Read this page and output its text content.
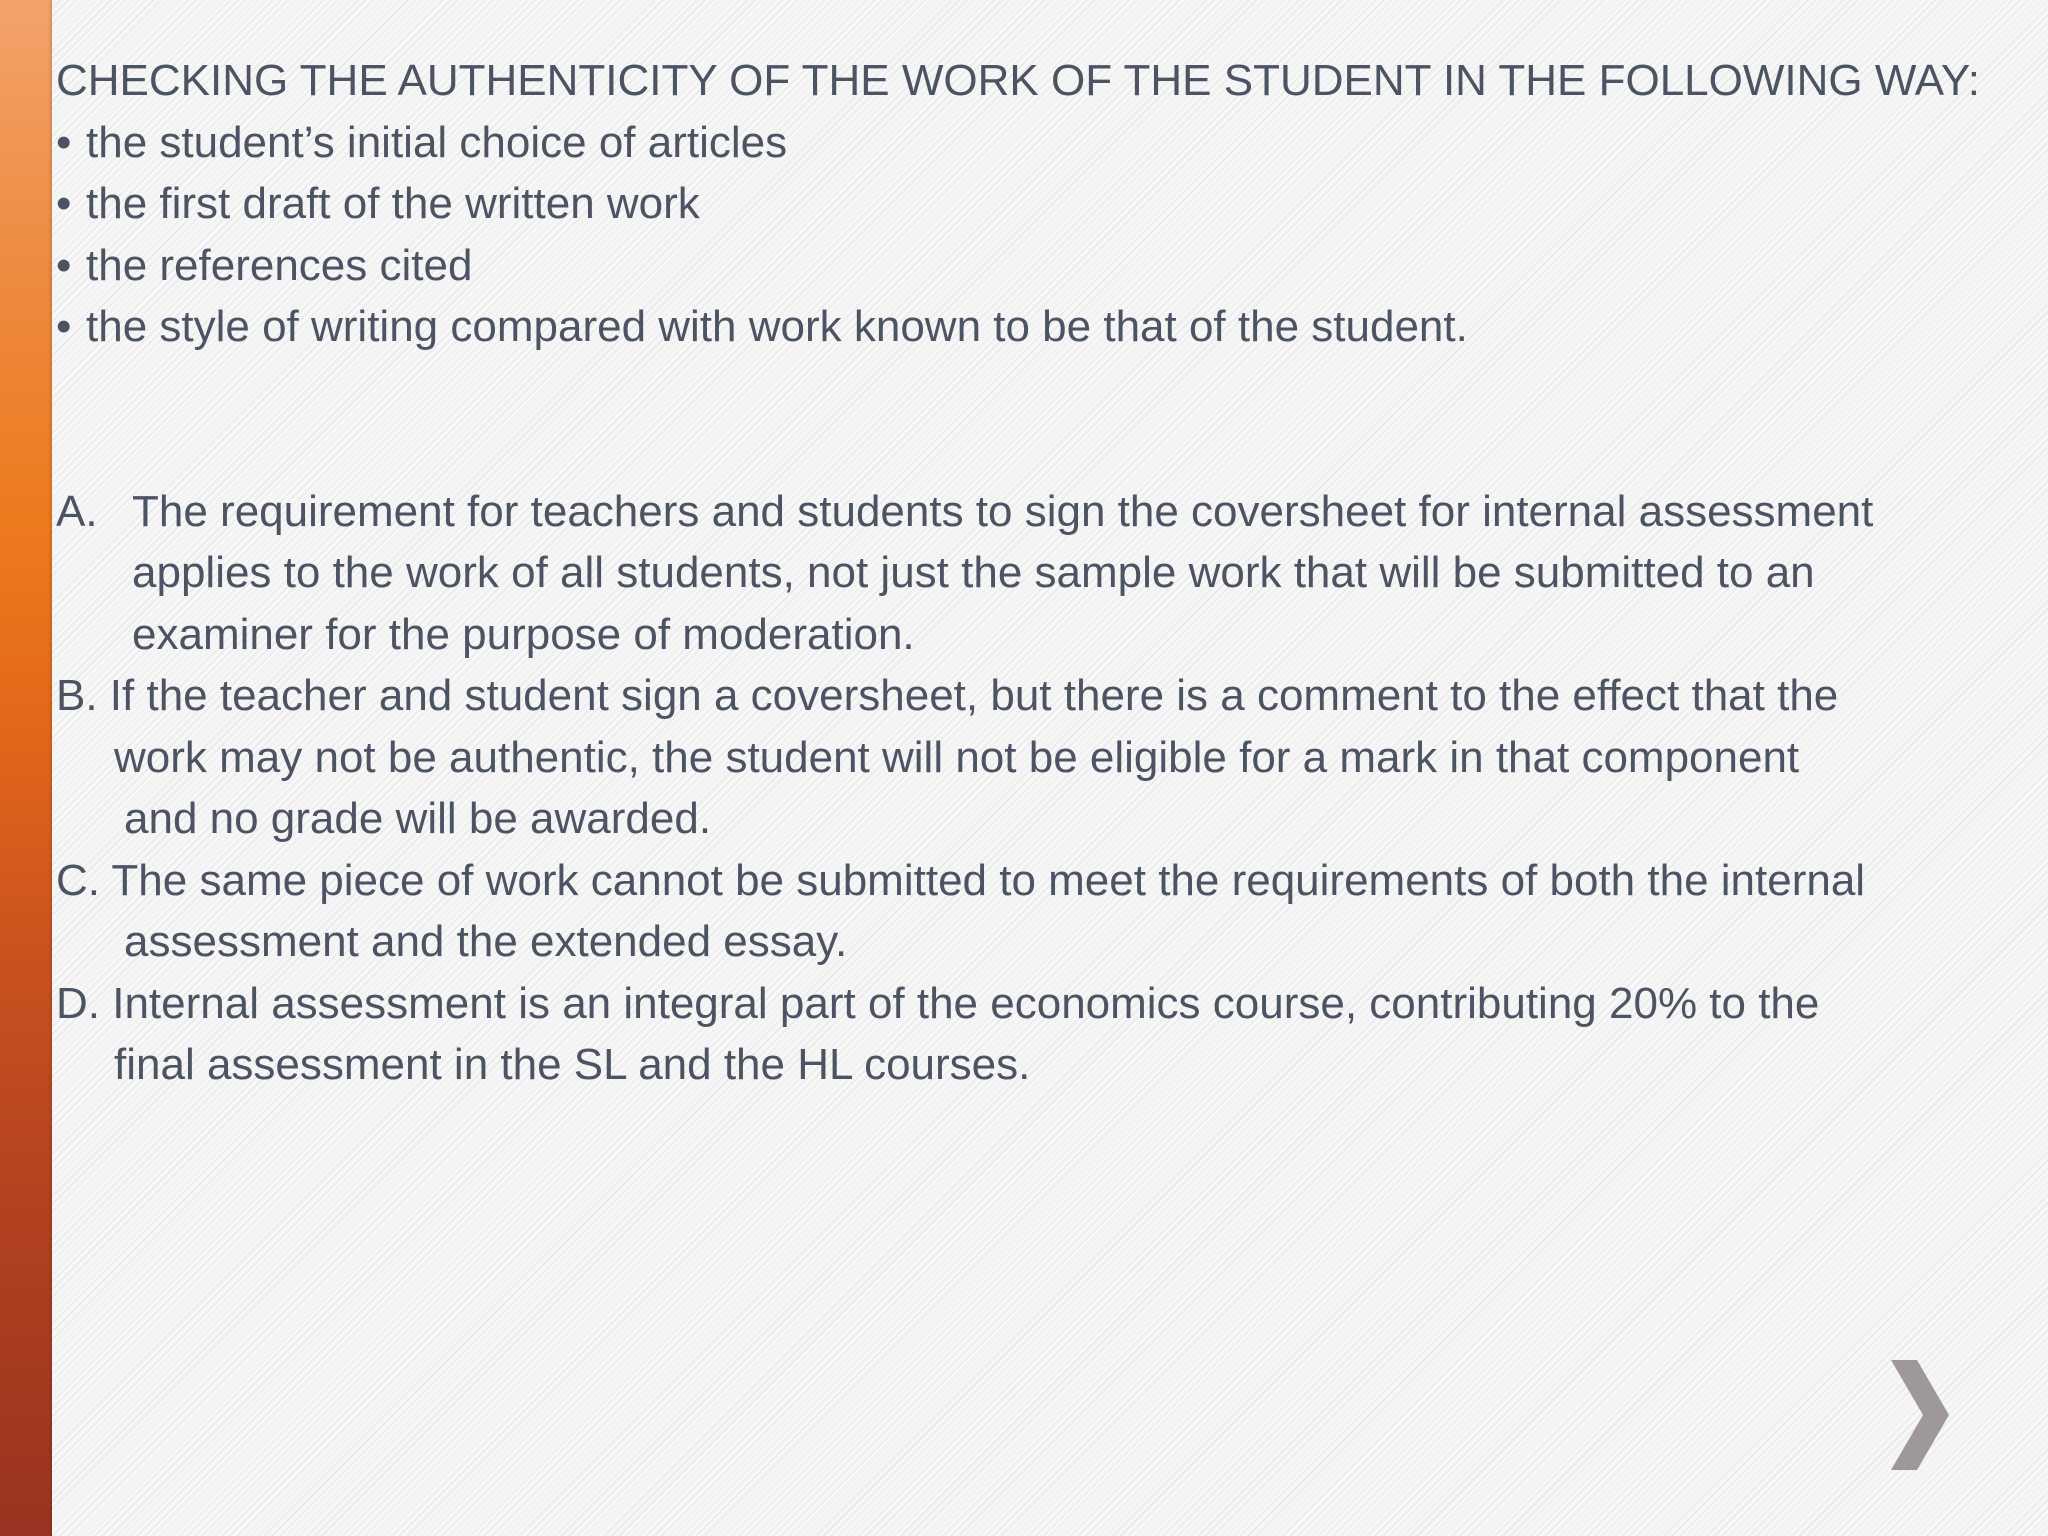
CHECKING THE AUTHENTICITY OF THE WORK OF THE STUDENT IN THE FOLLOWING WAY:

• the student’s initial choice of articles

• the first draft of the written work

• the references cited

• the style of writing compared with work known to be that of the student.

A. The requirement for teachers and students to sign the coversheet for internal assessment

applies to the work of all students, not just the sample work that will be submitted to an

examiner for the purpose of moderation.

B. If the teacher and student sign a coversheet, but there is a comment to the effect that the

work may not be authentic, the student will not be eligible for a mark in that component

and no grade will be awarded.

C. The same piece of work cannot be submitted to meet the requirements of both the internal

assessment and the extended essay.

D. Internal assessment is an integral part of the economics course, contributing 20% to the

final assessment in the SL and the HL courses.
